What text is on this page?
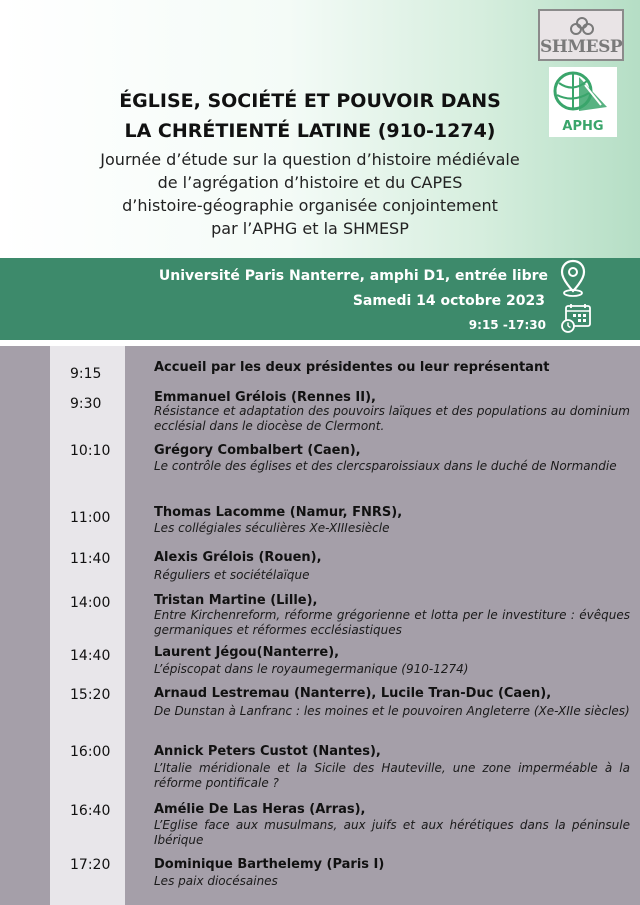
SHMESP
APHG
ÉGLISE, SOCIÉTÉ ET POUVOIR DANS
LA CHRÉTIENTÉ LATINE (910-1274)
Journée d’étude sur la question d’histoire médiévale
de l’agrégation d’histoire et du CAPES
d’histoire-géographie organisée conjointement
par l’APHG et la SHMESP
Université Paris Nanterre, amphi D1, entrée libre
Samedi 14 octobre 2023
9:15 -17:30
9:15	Accueil par les deux présidentes ou leur représentant
9:30	Emmanuel Grélois (Rennes II),
Résistance et adaptation des pouvoirs laïques et des populations au dominium ecclésial dans le diocèse de Clermont.
10:10	Grégory Combalbert (Caen),
Le contrôle des églises et des clercsparoissiaux dans le duché de Normandie
11:00	Thomas Lacomme (Namur, FNRS),
Les collégiales séculières Xe-XIIIesiècle
11:40	Alexis Grélois (Rouen),
Réguliers et sociétélaïque
14:00	Tristan Martine (Lille),
Entre Kirchenreform, réforme grégorienne et lotta per le investiture : évêques germaniques et réformes ecclésiastiques
14:40	Laurent Jégou(Nanterre),
L’épiscopat dans le royaumegermanique (910-1274)
15:20	Arnaud Lestremau (Nanterre), Lucile Tran-Duc (Caen),
De Dunstan à Lanfranc : les moines et le pouvoiren Angleterre (Xe-XIIe siècles)
16:00	Annick Peters Custot (Nantes),
L’Italie méridionale et la Sicile des Hauteville, une zone imperméable à la réforme pontificale ?
16:40	Amélie De Las Heras (Arras),
L’Eglise face aux musulmans, aux juifs et aux hérétiques dans la péninsule Ibérique
17:20	Dominique Barthelemy (Paris I)
Les paix diocésaines
